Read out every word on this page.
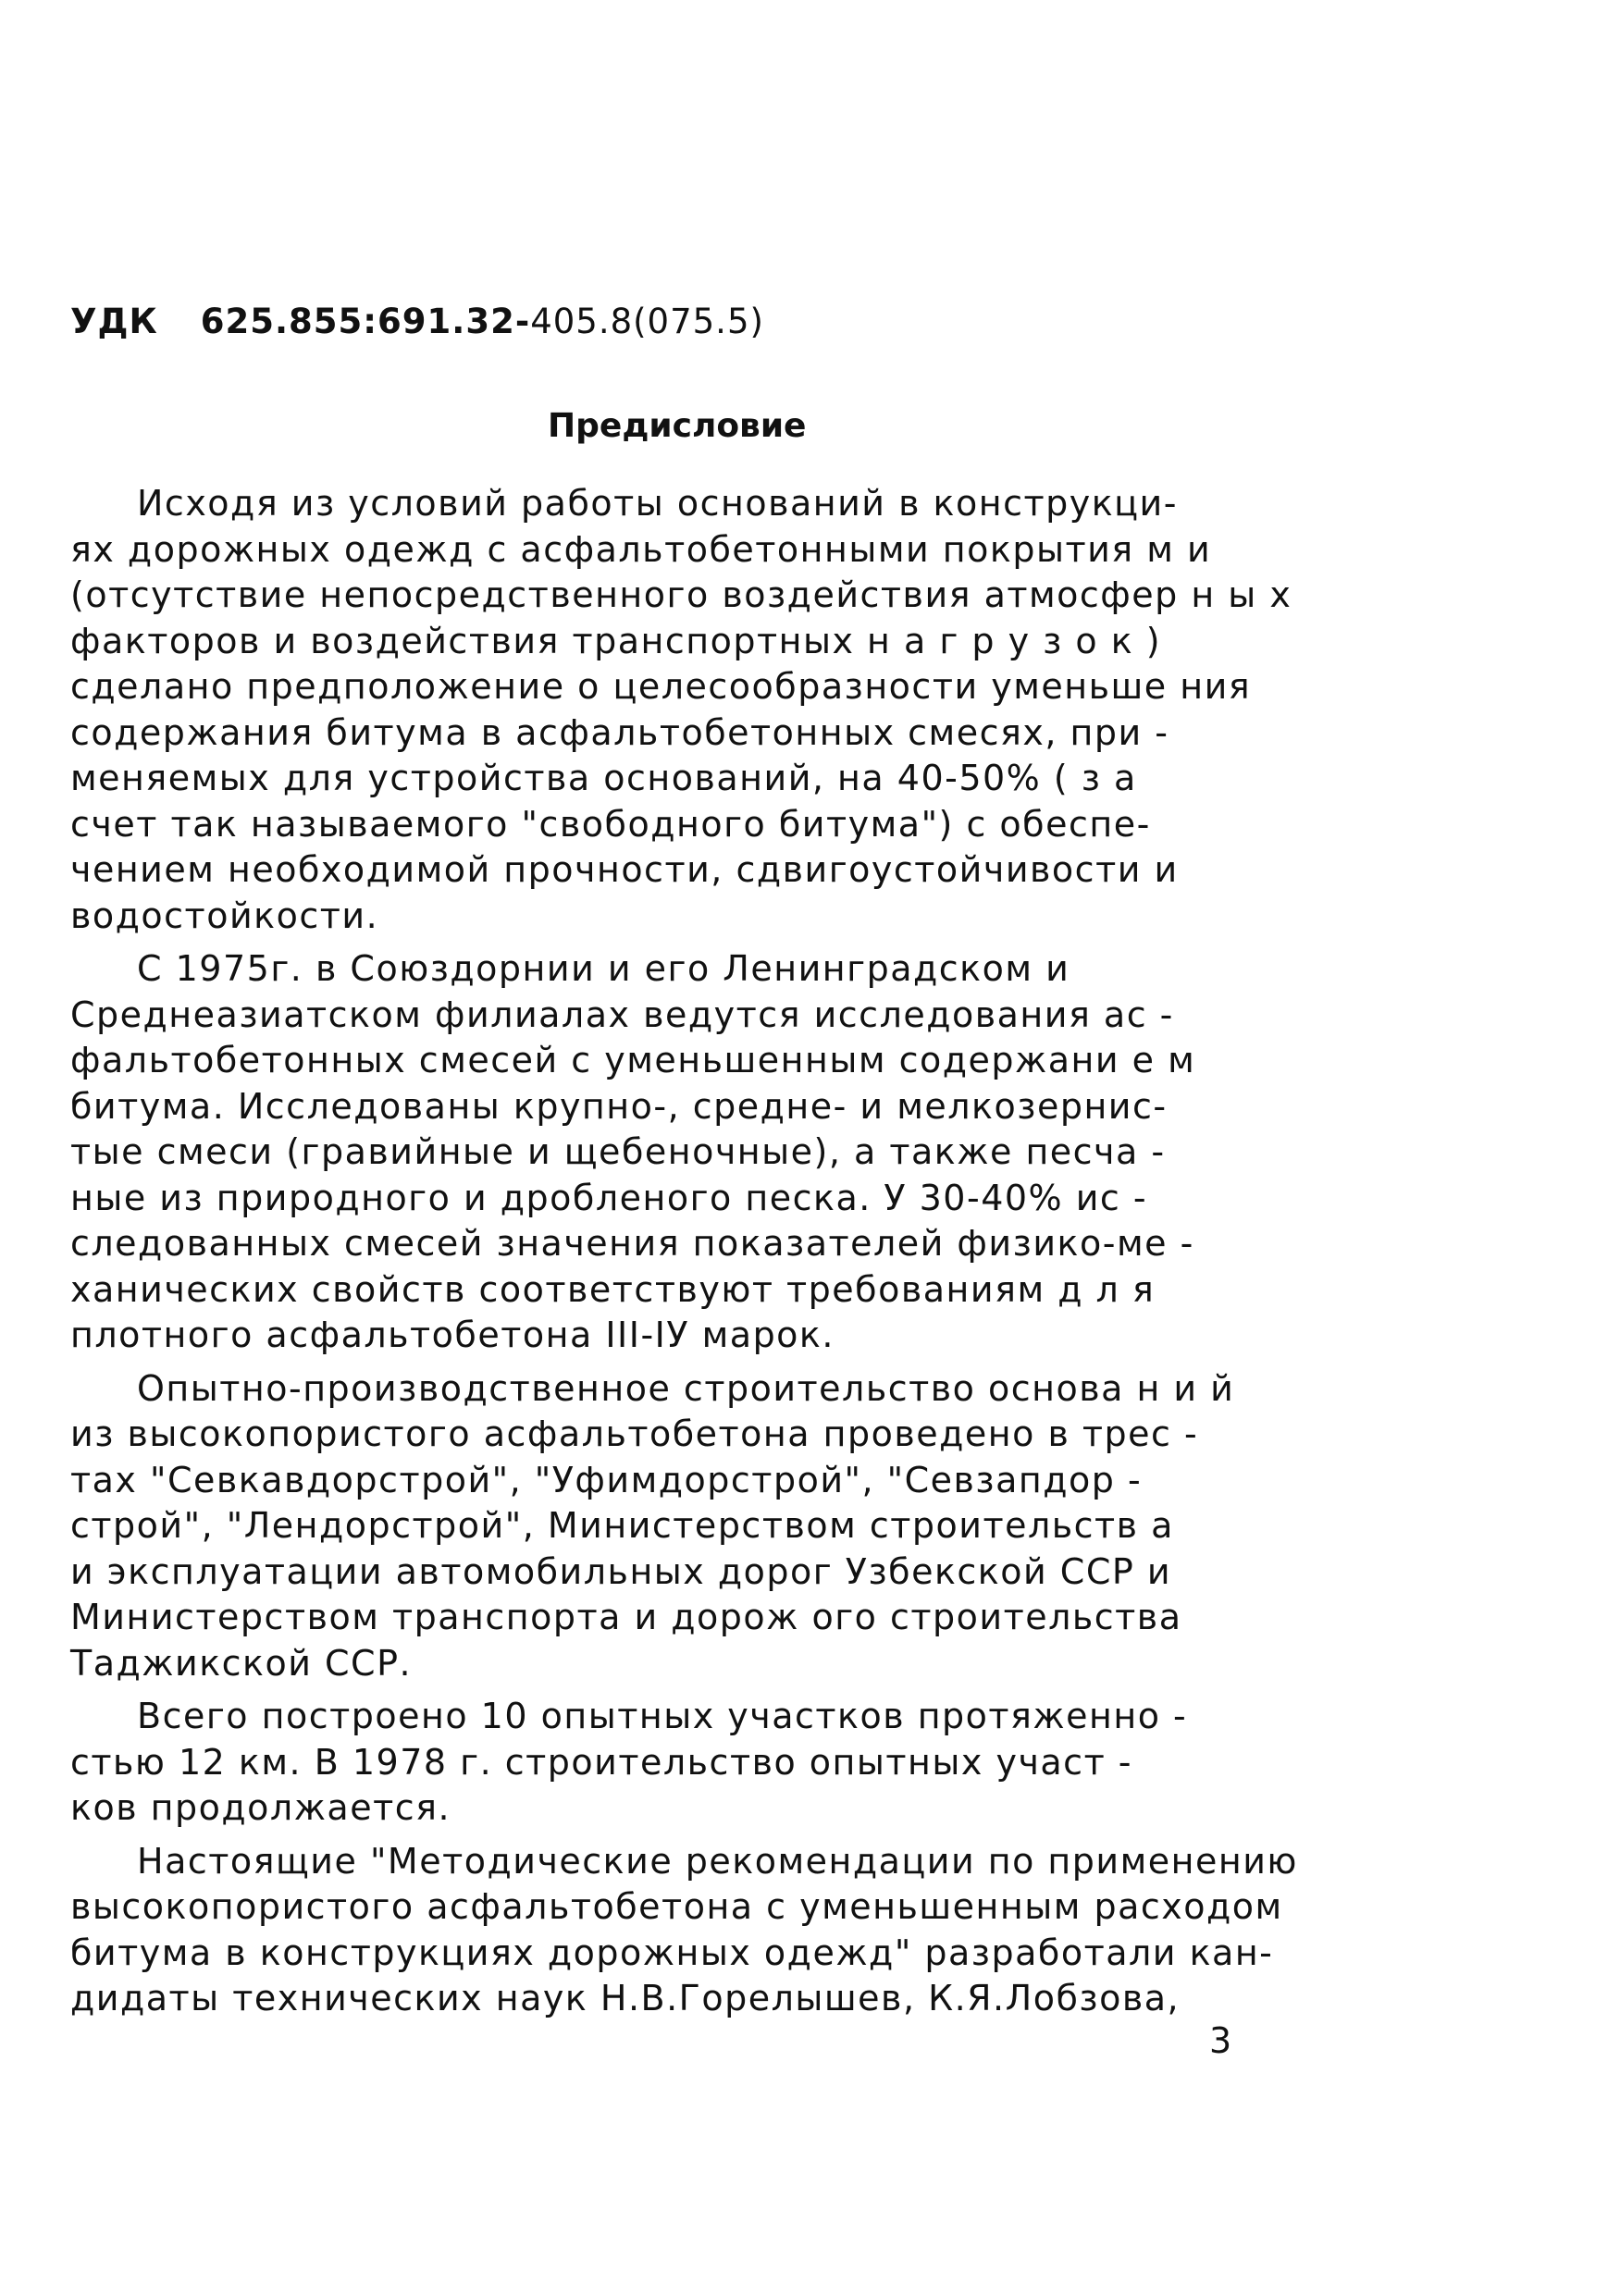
УДК 625.855:691.32-405.8(075.5)
Предисловие
Исходя из условий работы оснований в конструкци-
ях дорожных одежд с асфальтобетонными покрытия м и
(отсутствие непосредственного воздействия атмосфер н ы х
факторов и воздействия транспортных н а г р у з о к )
сделано предположение о целесообразности уменьше ния
содержания битума в асфальтобетонных смесях, при -
меняемых для устройства оснований, на 40-50% ( з а
счет так называемого "свободного битума") с обеспе-
чением необходимой прочности, сдвигоустойчивости и
водостойкости.
С 1975г. в Союздорнии и его Ленинградском и
Среднеазиатском филиалах ведутся исследования ас -
фальтобетонных смесей с уменьшенным содержани е м
битума. Исследованы крупно-, средне- и мелкозернис-
тые смеси (гравийные и щебеночные), а также песча -
ные из природного и дробленого песка. У 30-40% ис -
следованных смесей значения показателей физико-ме -
ханических свойств соответствуют требованиям д л я
плотного асфальтобетона III-IУ марок.
Опытно-производственное строительство основа н и й
из высокопористого асфальтобетона проведено в трес -
тах "Севкавдорстрой", "Уфимдорстрой", "Севзапдор -
строй", "Лендорстрой", Министерством строительств а
и эксплуатации автомобильных дорог Узбекской ССР и
Министерством транспорта и дорож ого строительства
Таджикской ССР.
Всего построено 10 опытных участков протяженно -
стью 12 км. В 1978 г. строительство опытных участ -
ков продолжается.
Настоящие "Методические рекомендации по применению
высокопористого асфальтобетона с уменьшенным расходом
битума в конструкциях дорожных одежд" разработали кан-
дидаты технических наук Н.В.Горелышев, К.Я.Лобзова,
3
